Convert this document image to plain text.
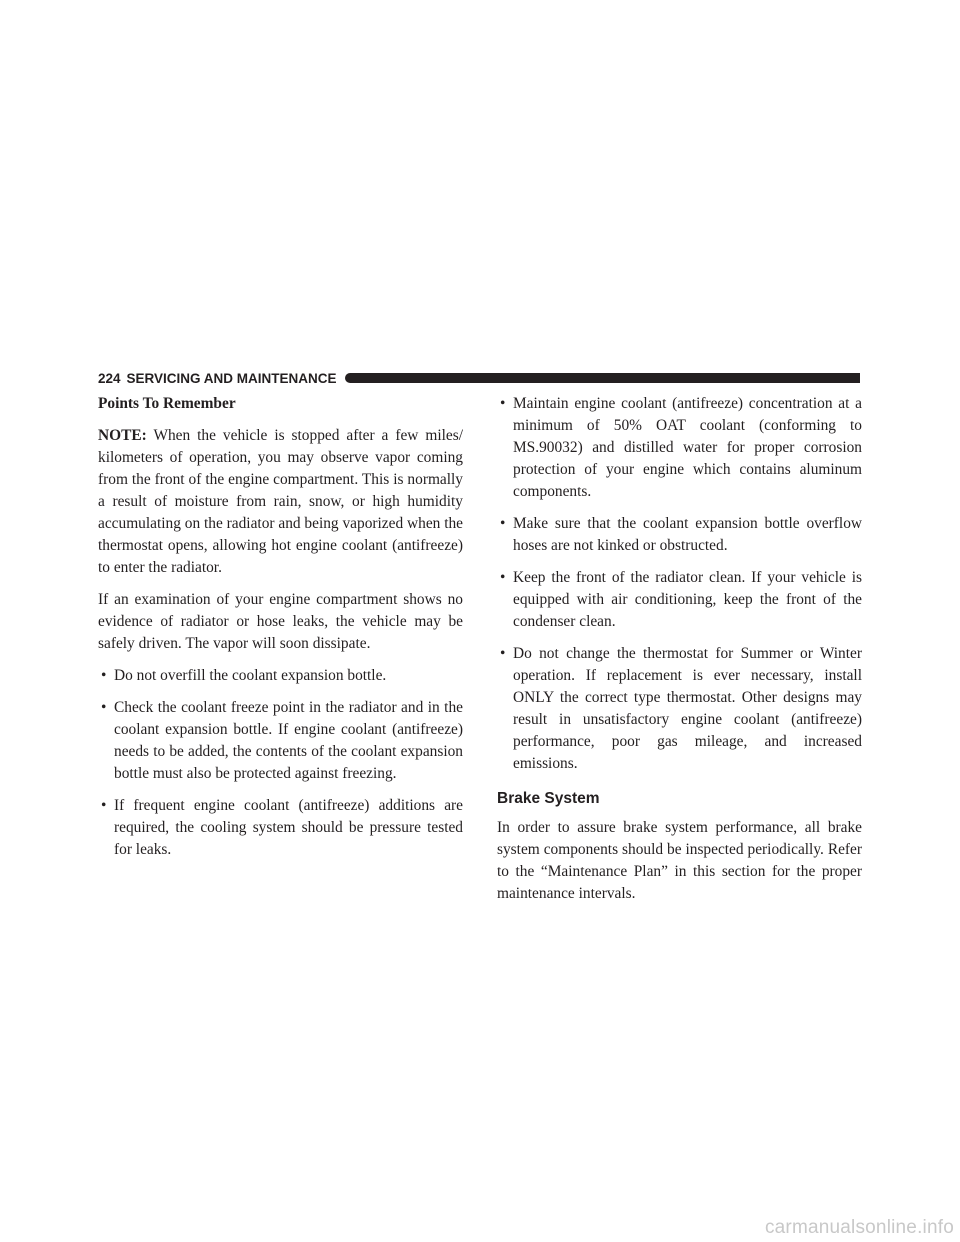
224 SERVICING AND MAINTENANCE
Points To Remember

NOTE: When the vehicle is stopped after a few miles/ kilometers of operation, you may observe vapor coming from the front of the engine compartment. This is normally a result of moisture from rain, snow, or high humidity accumulating on the radiator and being vaporized when the thermostat opens, allowing hot engine coolant (antifreeze) to enter the radiator.

If an examination of your engine compartment shows no evidence of radiator or hose leaks, the vehicle may be safely driven. The vapor will soon dissipate.

• Do not overfill the coolant expansion bottle.
• Check the coolant freeze point in the radiator and in the coolant expansion bottle. If engine coolant (antifreeze) needs to be added, the contents of the coolant expansion bottle must also be protected against freezing.
• If frequent engine coolant (antifreeze) additions are required, the cooling system should be pressure tested for leaks.
• Maintain engine coolant (antifreeze) concentration at a minimum of 50% OAT coolant (conforming to MS.90032) and distilled water for proper corrosion protection of your engine which contains aluminum components.
• Make sure that the coolant expansion bottle overflow hoses are not kinked or obstructed.
• Keep the front of the radiator clean. If your vehicle is equipped with air conditioning, keep the front of the condenser clean.
• Do not change the thermostat for Summer or Winter operation. If replacement is ever necessary, install ONLY the correct type thermostat. Other designs may result in unsatisfactory engine coolant (antifreeze) performance, poor gas mileage, and increased emissions.
Brake System

In order to assure brake system performance, all brake system components should be inspected periodically. Refer to the “Maintenance Plan” in this section for the proper maintenance intervals.

carmanualsonline.info
